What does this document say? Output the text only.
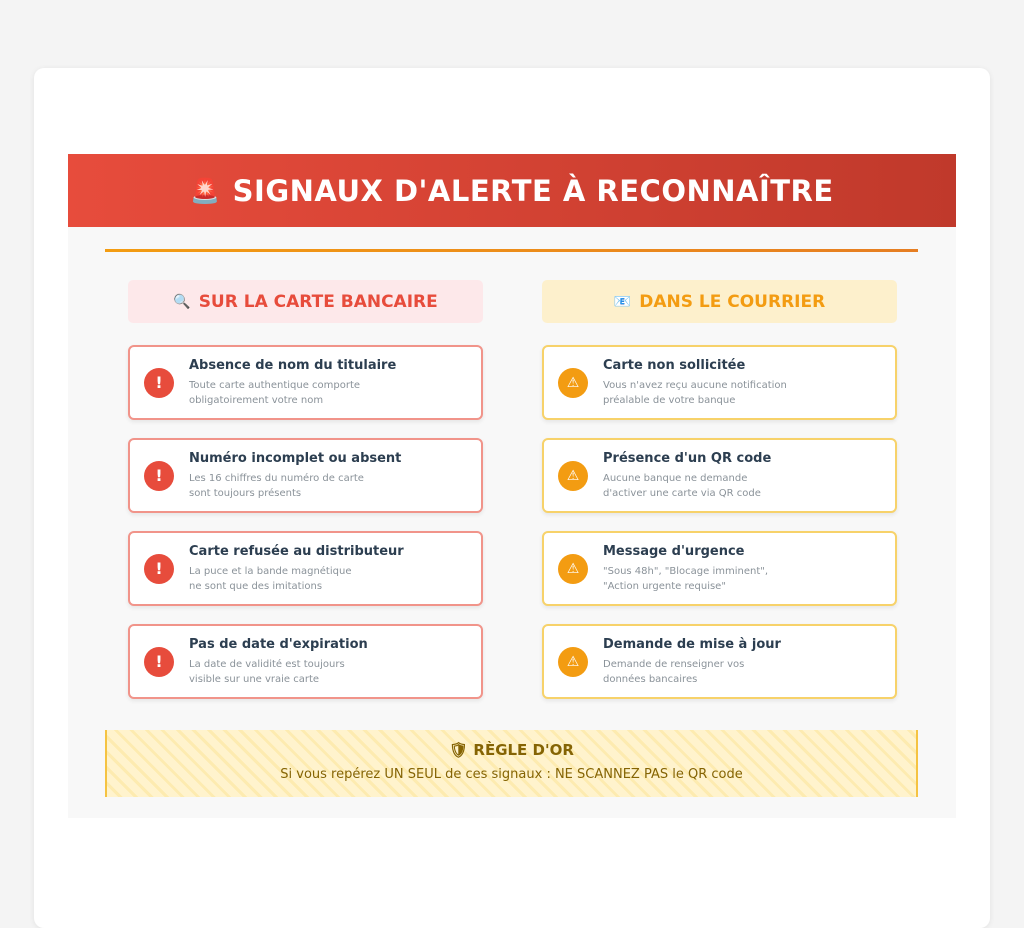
🚨 SIGNAUX D'ALERTE À RECONNAÎTRE
🔍 SUR LA CARTE BANCAIRE
!
Absence de nom du titulaire
Toute carte authentique comporte
obligatoirement votre nom
!
Numéro incomplet ou absent
Les 16 chiffres du numéro de carte
sont toujours présents
!
Carte refusée au distributeur
La puce et la bande magnétique
ne sont que des imitations
!
Pas de date d'expiration
La date de validité est toujours
visible sur une vraie carte
📧 DANS LE COURRIER
⚠
Carte non sollicitée
Vous n'avez reçu aucune notification
préalable de votre banque
⚠
Présence d'un QR code
Aucune banque ne demande
d'activer une carte via QR code
⚠
Message d'urgence
"Sous 48h", "Blocage imminent",
"Action urgente requise"
⚠
Demande de mise à jour
Demande de renseigner vos
données bancaires
🛡 RÈGLE D'OR
Si vous repérez UN SEUL de ces signaux : NE SCANNEZ PAS le QR code
